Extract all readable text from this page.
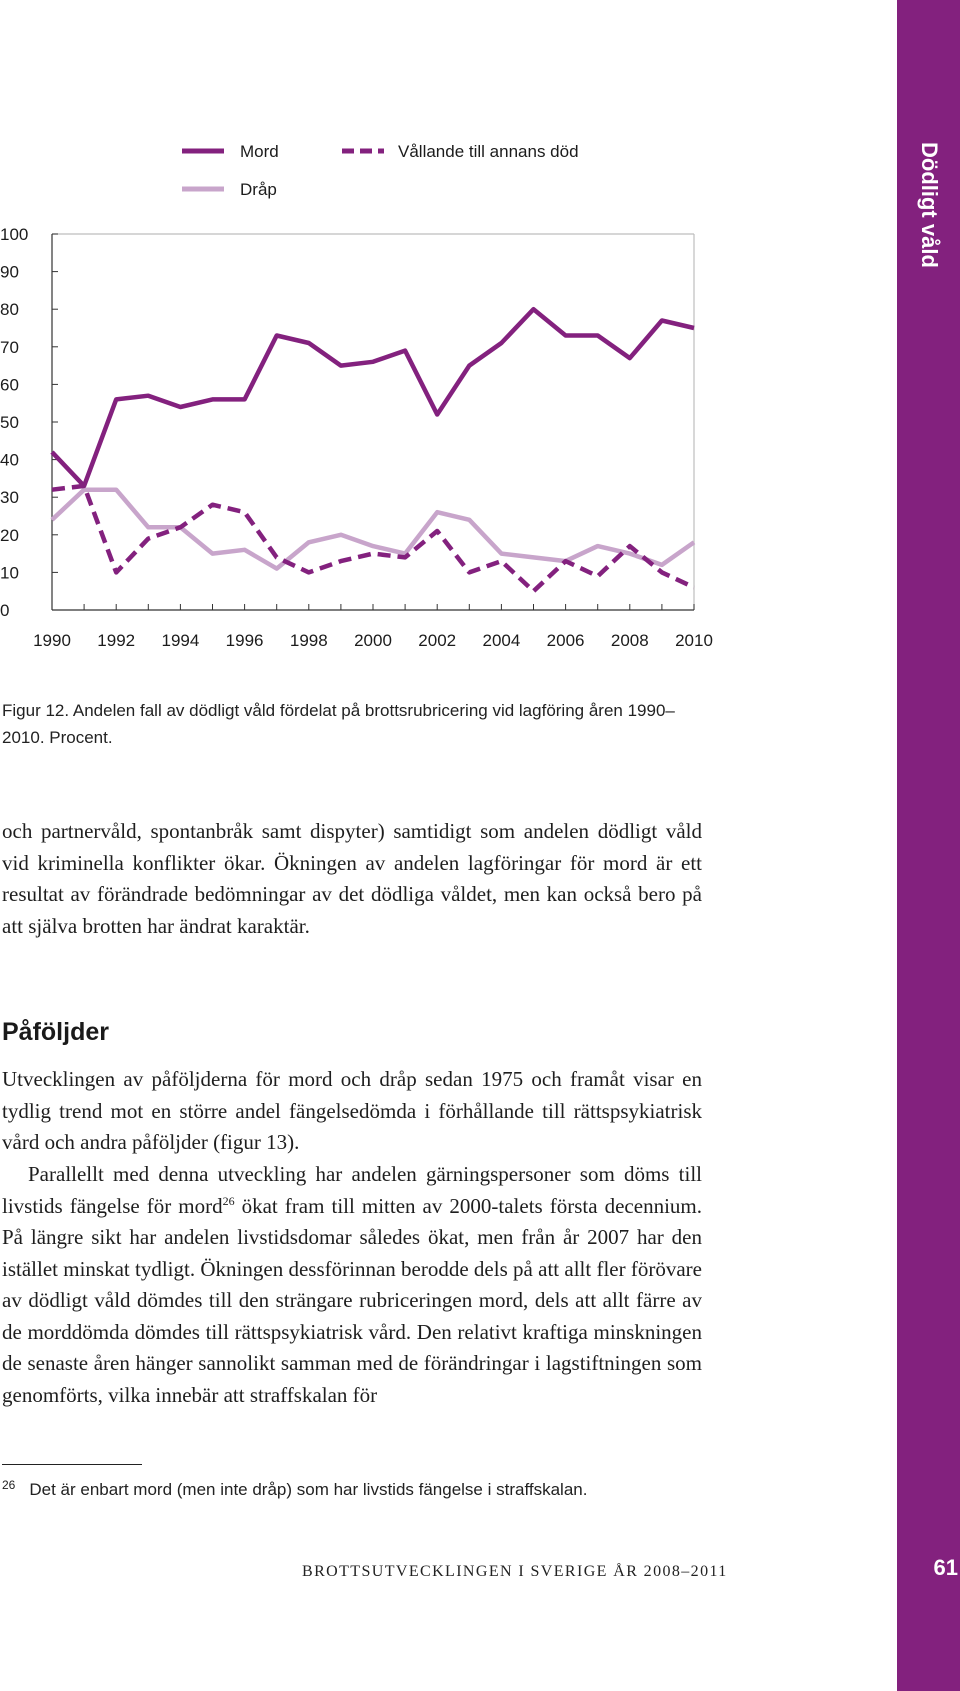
Dödligt våld
61
Mord	Vållande till annans död
Dråp
0
10
20
30
40
50
60
70
80
90
100
1990 1992 1994 1996 1998 2000 2002 2004 2006 2008 2010
Figur 12. Andelen fall av dödligt våld fördelat på brottsrubricering vid lagföring åren 1990–2010. Procent.

och partnervåld, spontanbråk samt dispyter) samtidigt som andelen dödligt våld vid kriminella konflikter ökar. Ökningen av andelen lagföringar för mord är ett resultat av förändrade bedömningar av det dödliga våldet, men kan också bero på att själva brotten har ändrat karaktär.

Påföljder

Utvecklingen av påföljderna för mord och dråp sedan 1975 och framåt visar en tydlig trend mot en större andel fängelsedömda i förhållande till rättspsykiatrisk vård och andra påföljder (figur 13).

Parallellt med denna utveckling har andelen gärningspersoner som döms till livstids fängelse för mord$^{26}$ ökat fram till mitten av 2000-talets första decennium. På längre sikt har andelen livstidsdomar således ökat, men från år 2007 har den istället minskat tydligt. Ökningen dessförinnan berodde dels på att allt fler förövare av dödligt våld dömdes till den strängare rubriceringen mord, dels att allt färre av de morddömda dömdes till rättspsykiatrisk vård. Den relativt kraftiga minskningen de senaste åren hänger sannolikt samman med de förändringar i lagstiftningen som genomförts, vilka innebär att straffskalan för

$^{26}$ Det är enbart mord (men inte dråp) som har livstids fängelse i straffskalan.
BROTTSUTVECKLINGEN I SVERIGE ÅR 2008–2011
